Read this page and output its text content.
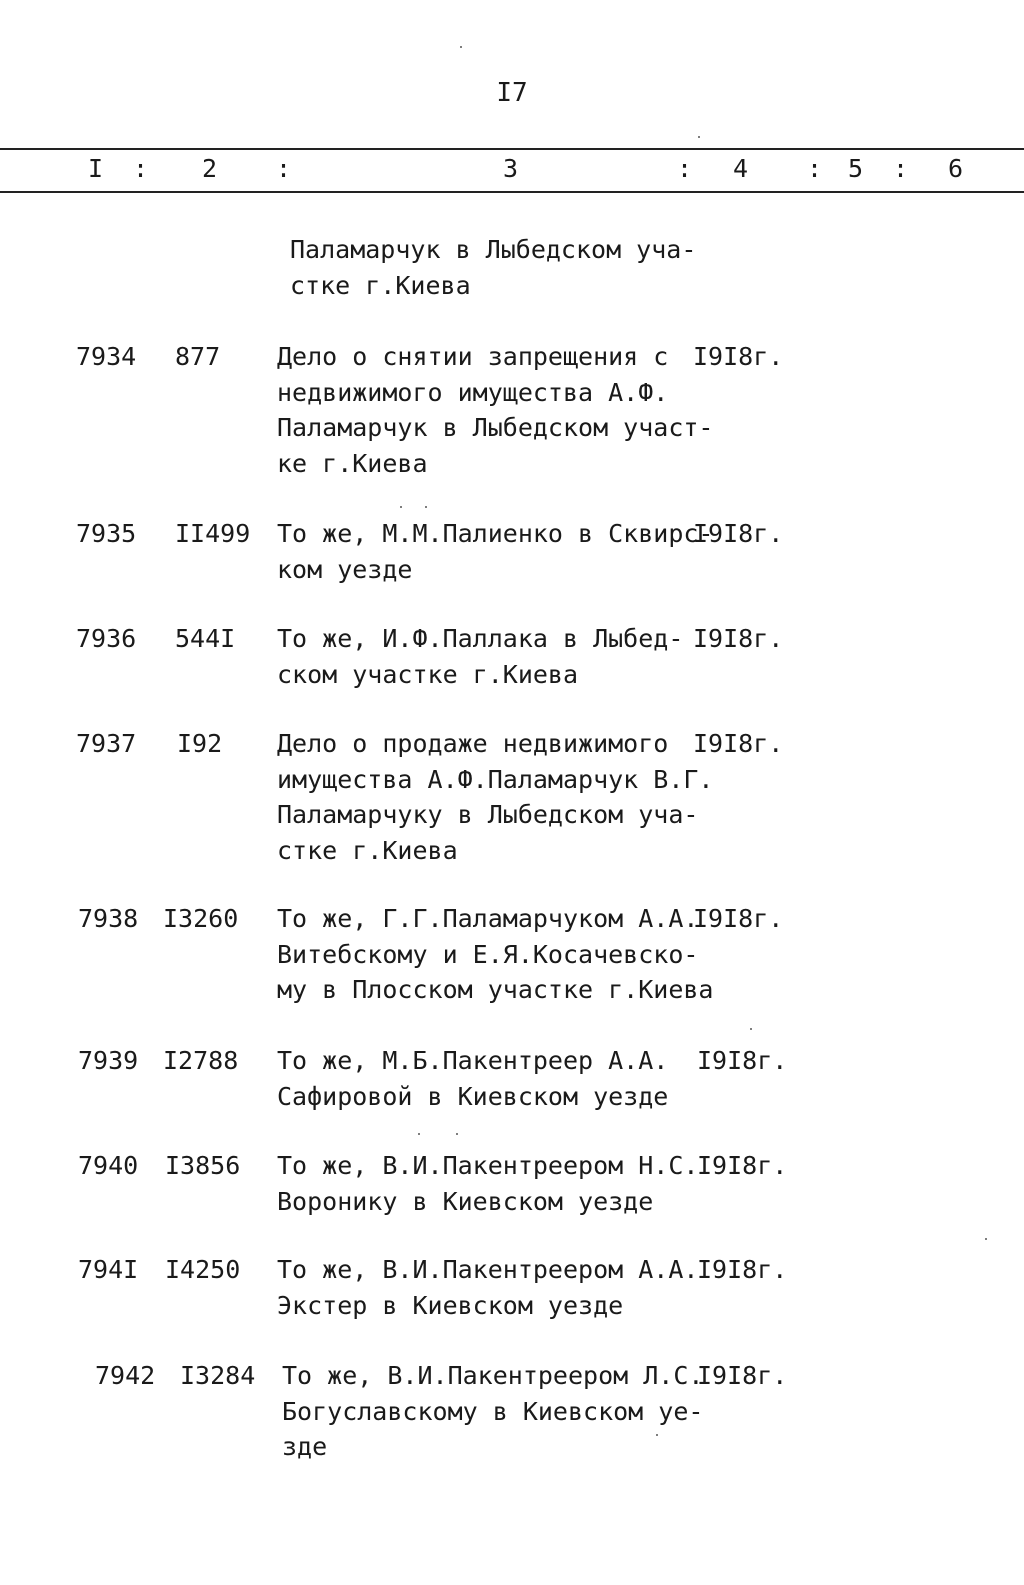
I7
I : 2 :	3	: 4 : 5 : 6
Паламарчук в Лыбедском уча-
стке г.Киева
7934 877 Дело о снятии запрещения с
недвижимого имущества А.Ф.
Паламарчук в Лыбедском участ-
ке г.Киева
I9I8г.
7935 II499 То же, М.М.Палиенко в Сквирс-
ком уезде
I9I8г.
7936 544I То же, И.Ф.Паллака в Лыбед-
ском участке г.Киева
I9I8г.
7937 I92 Дело о продаже недвижимого
имущества А.Ф.Паламарчук В.Г.
Паламарчуку в Лыбедском уча-
стке г.Киева
I9I8г.
7938 I3260 То же, Г.Г.Паламарчуком А.А.
Витебскому и Е.Я.Косачевско-
му в Плосском участке г.Киева
I9I8г.
7939 I2788 То же, М.Б.Пакентреер А.А.
Сафировой в Киевском уезде
I9I8г.
7940 I3856 То же, В.И.Пакентреером Н.С.
Воронику в Киевском уезде
I9I8г.
794I I4250 То же, В.И.Пакентреером А.А.
Экстер в Киевском уезде
I9I8г.
7942 I3284 То же, В.И.Пакентреером Л.С.
Богуславскому в Киевском уе-
зде
I9I8г.
